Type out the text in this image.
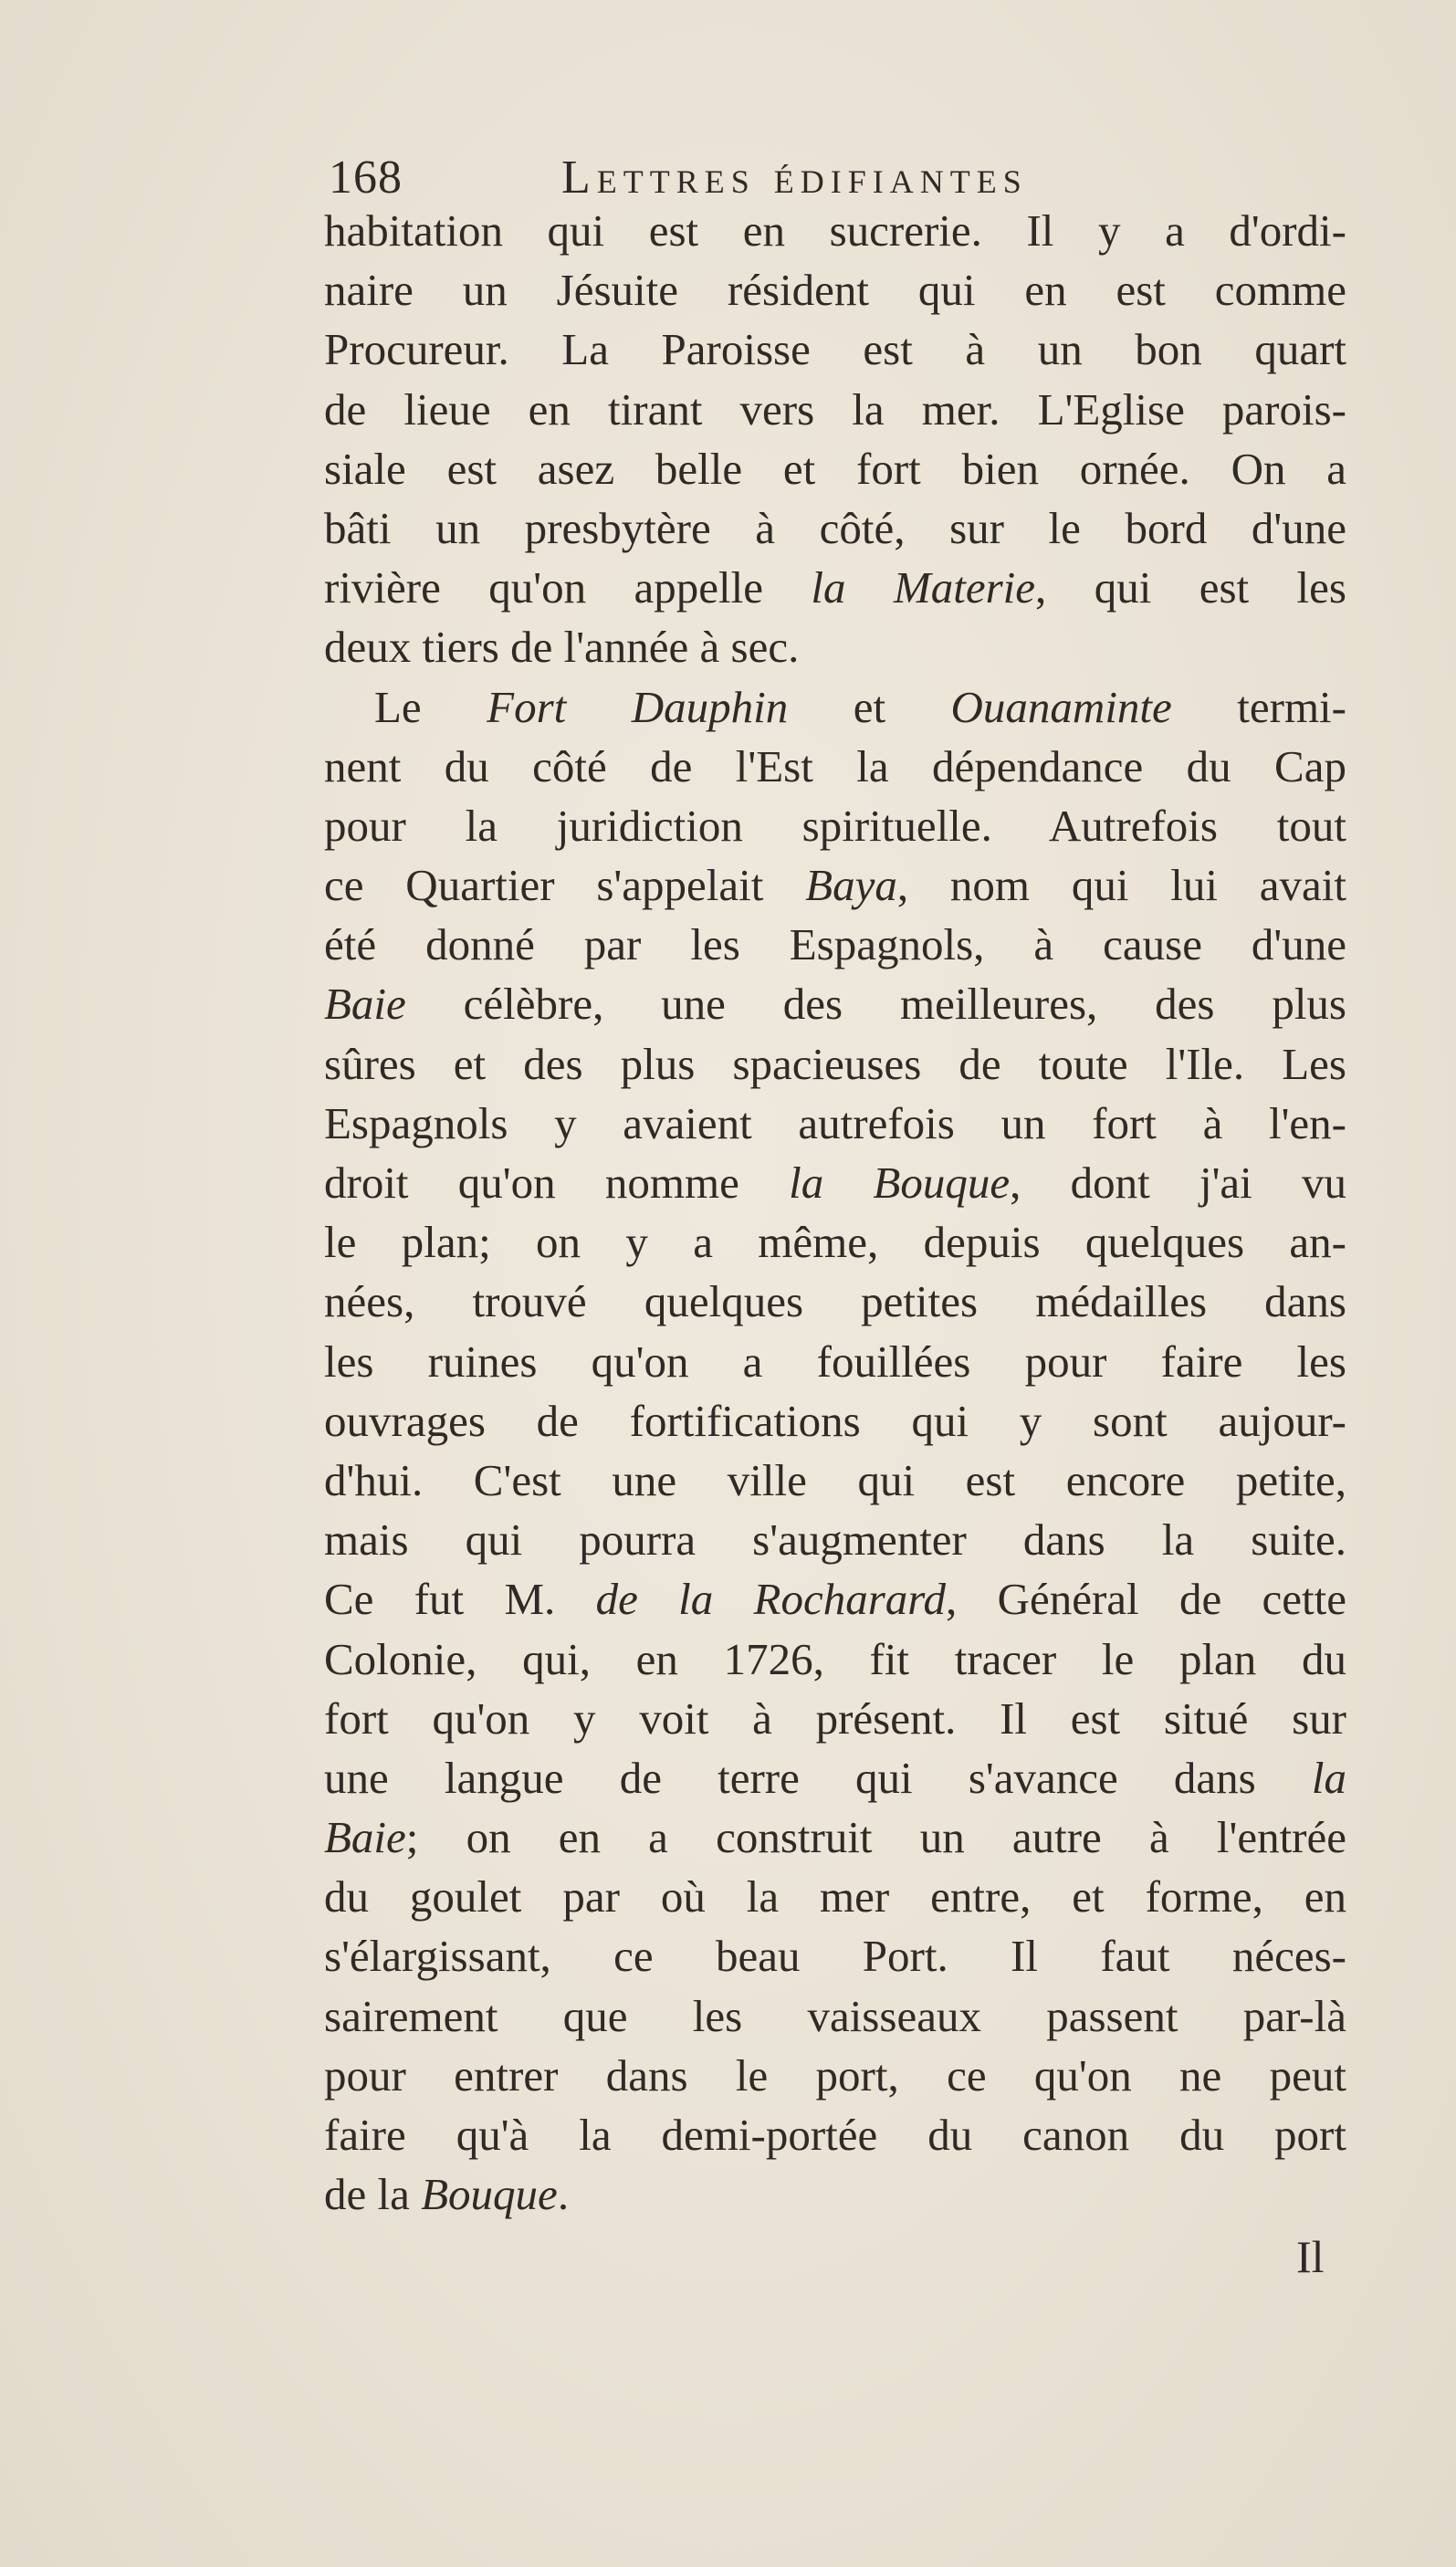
168	Lettres édifiantes
habitation qui est en sucrerie. Il y a d'ordi-
naire un Jésuite résident qui en est comme
Procureur. La Paroisse est à un bon quart
de lieue en tirant vers la mer. L'Eglise parois-
siale est asez belle et fort bien ornée. On a
bâti un presbytère à côté, sur le bord d'une
rivière qu'on appelle la Materie, qui est les
deux tiers de l'année à sec.
Le Fort Dauphin et Ouanaminte termi-
nent du côté de l'Est la dépendance du Cap
pour la juridiction spirituelle. Autrefois tout
ce Quartier s'appelait Baya, nom qui lui avait
été donné par les Espagnols, à cause d'une
Baie célèbre, une des meilleures, des plus
sûres et des plus spacieuses de toute l'Ile. Les
Espagnols y avaient autrefois un fort à l'en-
droit qu'on nomme la Bouque, dont j'ai vu
le plan; on y a même, depuis quelques an-
nées, trouvé quelques petites médailles dans
les ruines qu'on a fouillées pour faire les
ouvrages de fortifications qui y sont aujour-
d'hui. C'est une ville qui est encore petite,
mais qui pourra s'augmenter dans la suite.
Ce fut M. de la Rocharard, Général de cette
Colonie, qui, en 1726, fit tracer le plan du
fort qu'on y voit à présent. Il est situé sur
une langue de terre qui s'avance dans la
Baie; on en a construit un autre à l'entrée
du goulet par où la mer entre, et forme, en
s'élargissant, ce beau Port. Il faut néces-
sairement que les vaisseaux passent par-là
pour entrer dans le port, ce qu'on ne peut
faire qu'à la demi-portée du canon du port
de la Bouque.
Il
